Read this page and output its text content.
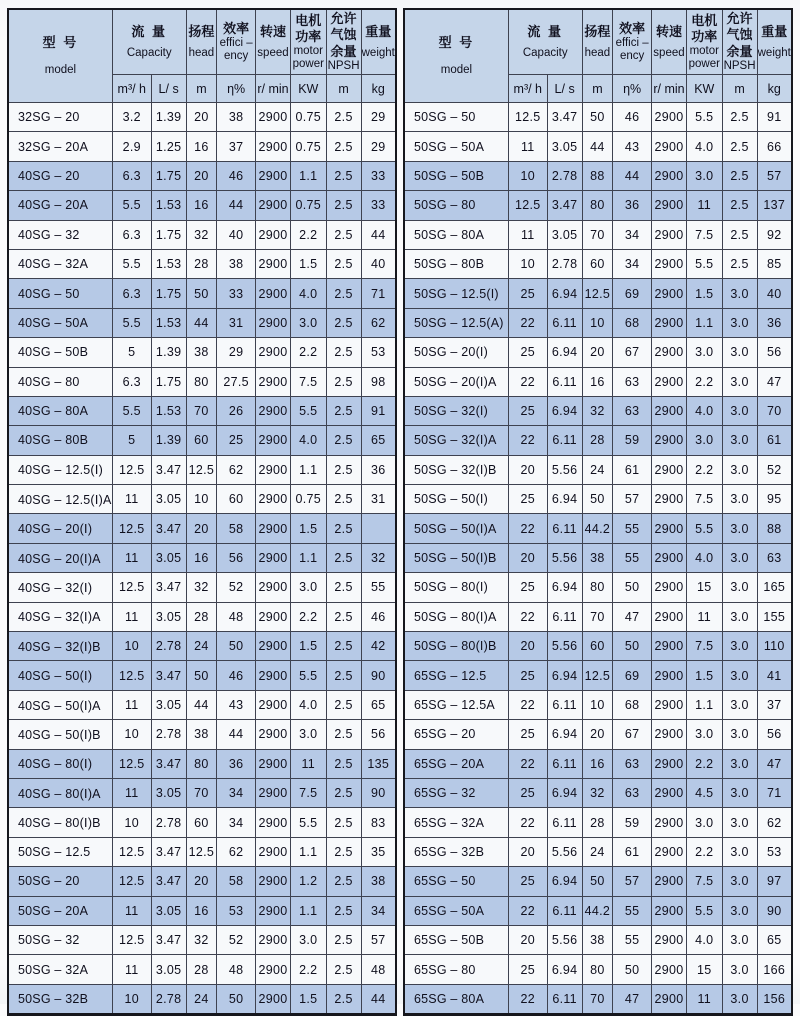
型 号
model

流 量
Capacity

扬程
head

效率
effici –
ency

转速
speed

电机
功率
motor
power

允许
气蚀
余量
NPSH

重量
weight

	m³/ h	L/ s	m	η%	r/ min	KW	m	kg
32SG – 20	3.2	1.39	20	38	2900	0.75	2.5	29
32SG – 20A	2.9	1.25	16	37	2900	0.75	2.5	29
40SG – 20	6.3	1.75	20	46	2900	1.1	2.5	33
40SG – 20A	5.5	1.53	16	44	2900	0.75	2.5	33
40SG – 32	6.3	1.75	32	40	2900	2.2	2.5	44
40SG – 32A	5.5	1.53	28	38	2900	1.5	2.5	40
40SG – 50	6.3	1.75	50	33	2900	4.0	2.5	71
40SG – 50A	5.5	1.53	44	31	2900	3.0	2.5	62
40SG – 50B	5	1.39	38	29	2900	2.2	2.5	53
40SG – 80	6.3	1.75	80	27.5	2900	7.5	2.5	98
40SG – 80A	5.5	1.53	70	26	2900	5.5	2.5	91
40SG – 80B	5	1.39	60	25	2900	4.0	2.5	65
40SG – 12.5(Ⅰ)	12.5	3.47	12.5	62	2900	1.1	2.5	36
40SG – 12.5(Ⅰ)A	11	3.05	10	60	2900	0.75	2.5	31
40SG – 20(Ⅰ)	12.5	3.47	20	58	2900	1.5	2.5	
40SG – 20(Ⅰ)A	11	3.05	16	56	2900	1.1	2.5	32
40SG – 32(Ⅰ)	12.5	3.47	32	52	2900	3.0	2.5	55
40SG – 32(Ⅰ)A	11	3.05	28	48	2900	2.2	2.5	46
40SG – 32(Ⅰ)B	10	2.78	24	50	2900	1.5	2.5	42
40SG – 50(Ⅰ)	12.5	3.47	50	46	2900	5.5	2.5	90
40SG – 50(Ⅰ)A	11	3.05	44	43	2900	4.0	2.5	65
40SG – 50(Ⅰ)B	10	2.78	38	44	2900	3.0	2.5	56
40SG – 80(Ⅰ)	12.5	3.47	80	36	2900	11	2.5	135
40SG – 80(Ⅰ)A	11	3.05	70	34	2900	7.5	2.5	90
40SG – 80(Ⅰ)B	10	2.78	60	34	2900	5.5	2.5	83
50SG – 12.5	12.5	3.47	12.5	62	2900	1.1	2.5	35
50SG – 20	12.5	3.47	20	58	2900	1.2	2.5	38
50SG – 20A	11	3.05	16	53	2900	1.1	2.5	34
50SG – 32	12.5	3.47	32	52	2900	3.0	2.5	57
50SG – 32A	11	3.05	28	48	2900	2.2	2.5	48
50SG – 32B	10	2.78	24	50	2900	1.5	2.5	44
型 号
model

流 量
Capacity

扬程
head

效率
effici –
ency

转速
speed

电机
功率
motor
power

允许
气蚀
余量
NPSH

重量
weight

	m³/ h	L/ s	m	η%	r/ min	KW	m	kg
50SG – 50	12.5	3.47	50	46	2900	5.5	2.5	91
50SG – 50A	11	3.05	44	43	2900	4.0	2.5	66
50SG – 50B	10	2.78	88	44	2900	3.0	2.5	57
50SG – 80	12.5	3.47	80	36	2900	11	2.5	137
50SG – 80A	11	3.05	70	34	2900	7.5	2.5	92
50SG – 80B	10	2.78	60	34	2900	5.5	2.5	85
50SG – 12.5(I)	25	6.94	12.5	69	2900	1.5	3.0	40
50SG – 12.5(A)	22	6.11	10	68	2900	1.1	3.0	36
50SG – 20(I)	25	6.94	20	67	2900	3.0	3.0	56
50SG – 20(I)A	22	6.11	16	63	2900	2.2	3.0	47
50SG – 32(I)	25	6.94	32	63	2900	4.0	3.0	70
50SG – 32(I)A	22	6.11	28	59	2900	3.0	3.0	61
50SG – 32(I)B	20	5.56	24	61	2900	2.2	3.0	52
50SG – 50(I)	25	6.94	50	57	2900	7.5	3.0	95
50SG – 50(I)A	22	6.11	44.2	55	2900	5.5	3.0	88
50SG – 50(I)B	20	5.56	38	55	2900	4.0	3.0	63
50SG – 80(I)	25	6.94	80	50	2900	15	3.0	165
50SG – 80(I)A	22	6.11	70	47	2900	11	3.0	155
50SG – 80(I)B	20	5.56	60	50	2900	7.5	3.0	110
65SG – 12.5	25	6.94	12.5	69	2900	1.5	3.0	41
65SG – 12.5A	22	6.11	10	68	2900	1.1	3.0	37
65SG – 20	25	6.94	20	67	2900	3.0	3.0	56
65SG – 20A	22	6.11	16	63	2900	2.2	3.0	47
65SG – 32	25	6.94	32	63	2900	4.5	3.0	71
65SG – 32A	22	6.11	28	59	2900	3.0	3.0	62
65SG – 32B	20	5.56	24	61	2900	2.2	3.0	53
65SG – 50	25	6.94	50	57	2900	7.5	3.0	97
65SG – 50A	22	6.11	44.2	55	2900	5.5	3.0	90
65SG – 50B	20	5.56	38	55	2900	4.0	3.0	65
65SG – 80	25	6.94	80	50	2900	15	3.0	166
65SG – 80A	22	6.11	70	47	2900	11	3.0	156
